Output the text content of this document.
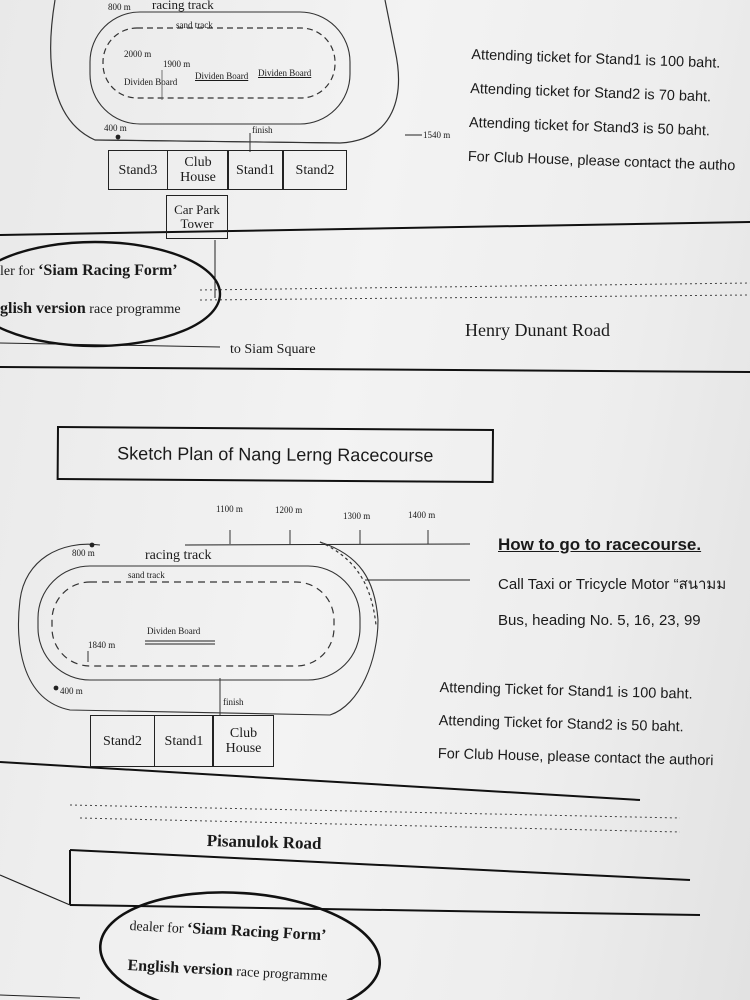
800 m racing track
sand track
2000 m
1900 m
Dividen Board
Dividen Board Dividen Board
400 m	finish	1540 m
Stand3	Club House	Stand1	Stand2
Car Park Tower
Attending ticket for Stand1 is 100 baht.
Attending ticket for Stand2 is 70 baht.
Attending ticket for Stand3 is 50 baht.
For Club House, please contact the autho
ler for ‘Siam Racing Form’
glish version race programme
Henry Dunant Road
to Siam Square
Sketch Plan of Nang Lerng Racecourse
1100 m	1200 m
1300 m	1400 m
800 m	racing track
sand track
Dividen Board
1840 m
400 m
finish
Stand2	Stand1	Club House
How to go to racecourse.
Call Taxi or Tricycle Motor “สนามม
Bus, heading No. 5, 16, 23, 99
Attending Ticket for Stand1 is 100 baht.
Attending Ticket for Stand2 is 50 baht.
For Club House, please contact the authori
Pisanulok Road
dealer for ‘Siam Racing Form’
English version race programme
